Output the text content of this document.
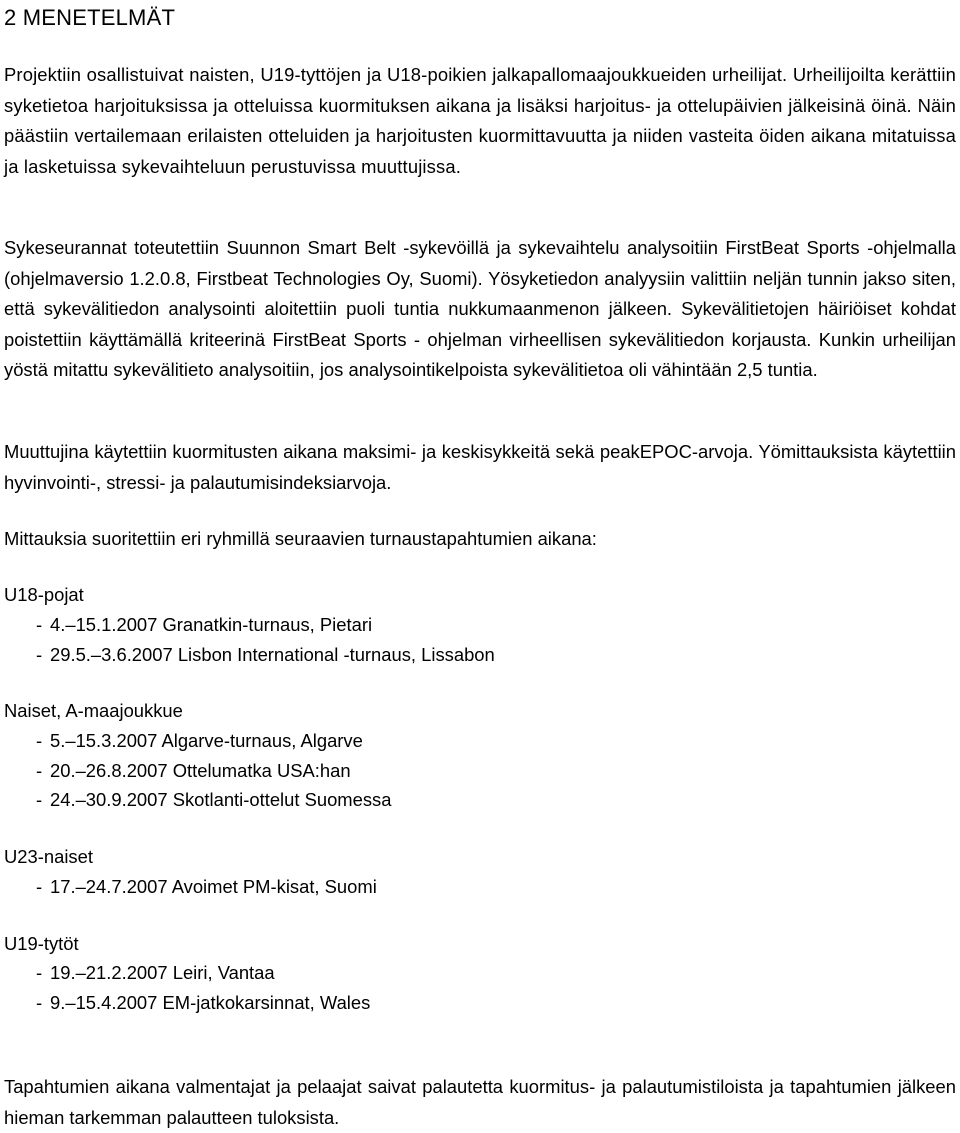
2 MENETELMÄT

Projektiin osallistuivat naisten, U19-tyttöjen ja U18-poikien jalkapallomaajoukkueiden urheilijat. Urheilijoilta kerättiin syketietoa harjoituksissa ja otteluissa kuormituksen aikana ja lisäksi harjoitus- ja ottelupäivien jälkeisinä öinä. Näin päästiin vertailemaan erilaisten otteluiden ja harjoitusten kuormittavuutta ja niiden vasteita öiden aikana mitatuissa ja lasketuissa sykevaihteluun perustuvissa muuttujissa.

Sykeseurannat toteutettiin Suunnon Smart Belt -sykevöillä ja sykevaihtelu analysoitiin FirstBeat Sports -ohjelmalla (ohjelmaversio 1.2.0.8, Firstbeat Technologies Oy, Suomi). Yösyketiedon analyysiin valittiin neljän tunnin jakso siten, että sykevälitiedon analysointi aloitettiin puoli tuntia nukkumaanmenon jälkeen. Sykevälitietojen häiriöiset kohdat poistettiin käyttämällä kriteerinä FirstBeat Sports - ohjelman virheellisen sykevälitiedon korjausta. Kunkin urheilijan yöstä mitattu sykevälitieto analysoitiin, jos analysointikelpoista sykevälitietoa oli vähintään 2,5 tuntia.

Muuttujina käytettiin kuormitusten aikana maksimi- ja keskisykkeitä sekä peakEPOC-arvoja. Yömittauksista käytettiin hyvinvointi-, stressi- ja palautumisindeksiarvoja.

Mittauksia suoritettiin eri ryhmillä seuraavien turnaustapahtumien aikana:

U18-pojat

- 4.–15.1.2007 Granatkin-turnaus, Pietari
- 29.5.–3.6.2007 Lisbon International -turnaus, Lissabon

Naiset, A-maajoukkue

- 5.–15.3.2007 Algarve-turnaus, Algarve
- 20.–26.8.2007 Ottelumatka USA:han
- 24.–30.9.2007 Skotlanti-ottelut Suomessa

U23-naiset

- 17.–24.7.2007 Avoimet PM-kisat, Suomi

U19-tytöt

- 19.–21.2.2007 Leiri, Vantaa
- 9.–15.4.2007 EM-jatkokarsinnat, Wales

Tapahtumien aikana valmentajat ja pelaajat saivat palautetta kuormitus- ja palautumistiloista ja tapahtumien jälkeen hieman tarkemman palautteen tuloksista.
